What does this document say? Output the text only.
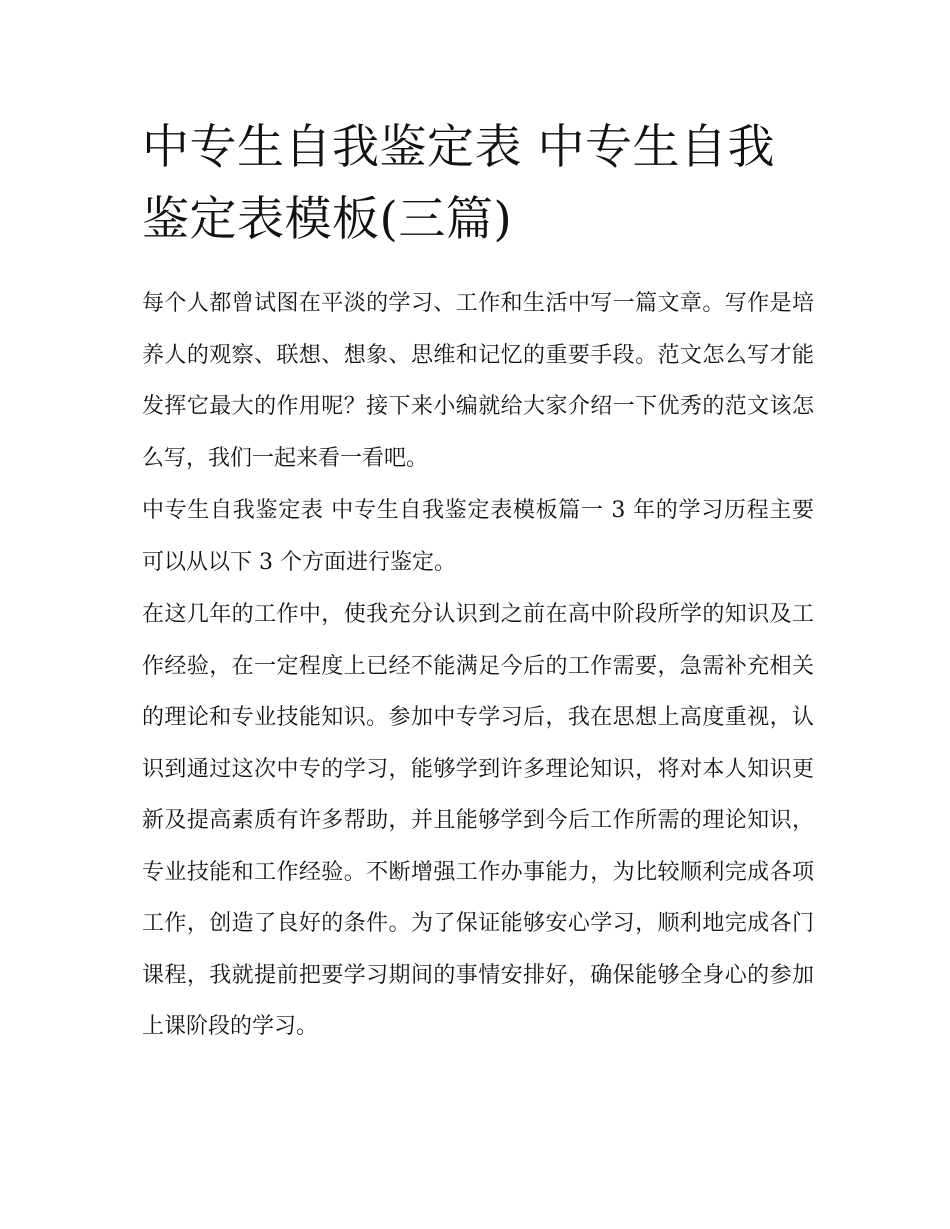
中专生自我鉴定表 中专生自我鉴定表模板(三篇)

每个人都曾试图在平淡的学习、工作和生活中写一篇文章。写作是培养人的观察、联想、想象、思维和记忆的重要手段。范文怎么写才能发挥它最大的作用呢？接下来小编就给大家介绍一下优秀的范文该怎么写，我们一起来看一看吧。

中专生自我鉴定表 中专生自我鉴定表模板篇一 3 年的学习历程主要可以从以下 3 个方面进行鉴定。

在这几年的工作中，使我充分认识到之前在高中阶段所学的知识及工作经验，在一定程度上已经不能满足今后的工作需要，急需补充相关的理论和专业技能知识。参加中专学习后，我在思想上高度重视，认识到通过这次中专的学习，能够学到许多理论知识，将对本人知识更新及提高素质有许多帮助，并且能够学到今后工作所需的理论知识，专业技能和工作经验。不断增强工作办事能力，为比较顺利完成各项工作，创造了良好的条件。为了保证能够安心学习，顺利地完成各门课程，我就提前把要学习期间的事情安排好，确保能够全身心的参加上课阶段的学习。
